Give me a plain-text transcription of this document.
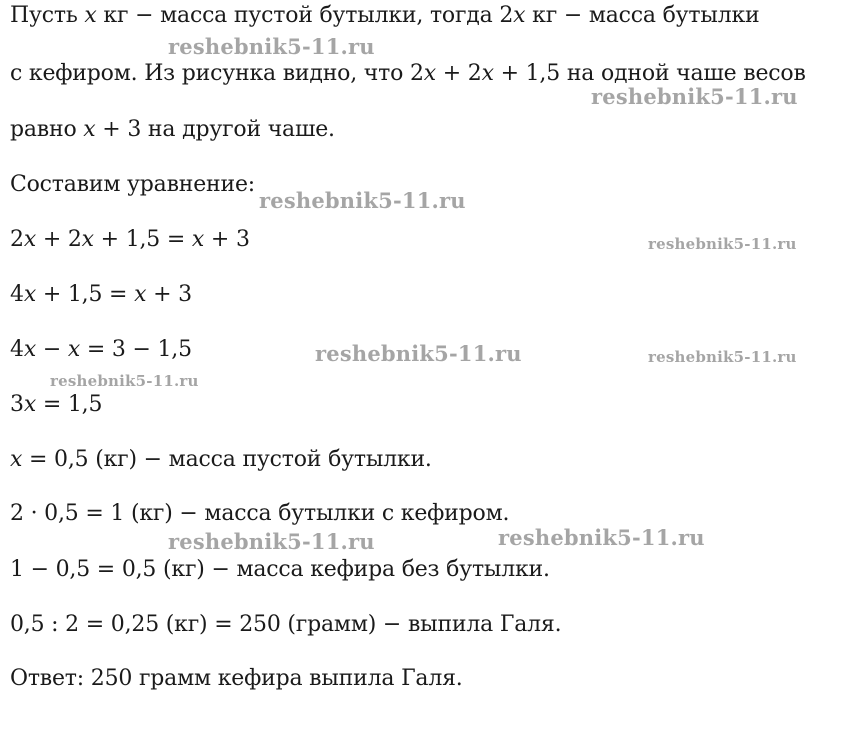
Пусть x кг − масса пустой бутылки, тогда 2x кг − масса бутылки
с кефиром. Из рисунка видно, что 2x + 2x + 1,5 на одной чаше весов
равно x + 3 на другой чаше.
Составим уравнение:
2x + 2x + 1,5 = x + 3
4x + 1,5 = x + 3
4x − x = 3 − 1,5
3x = 1,5
x = 0,5 (кг) − масса пустой бутылки.
2 · 0,5 = 1 (кг) − масса бутылки с кефиром.
1 − 0,5 = 0,5 (кг) − масса кефира без бутылки.
0,5 : 2 = 0,25 (кг) = 250 (грамм) − выпила Галя.
Ответ: 250 грамм кефира выпила Галя.
reshebnik5-11.ru
reshebnik5-11.ru
reshebnik5-11.ru
reshebnik5-11.ru
reshebnik5-11.ru	reshebnik5-11.ru
reshebnik5-11.ru
reshebnik5-11.ru	reshebnik5-11.ru
